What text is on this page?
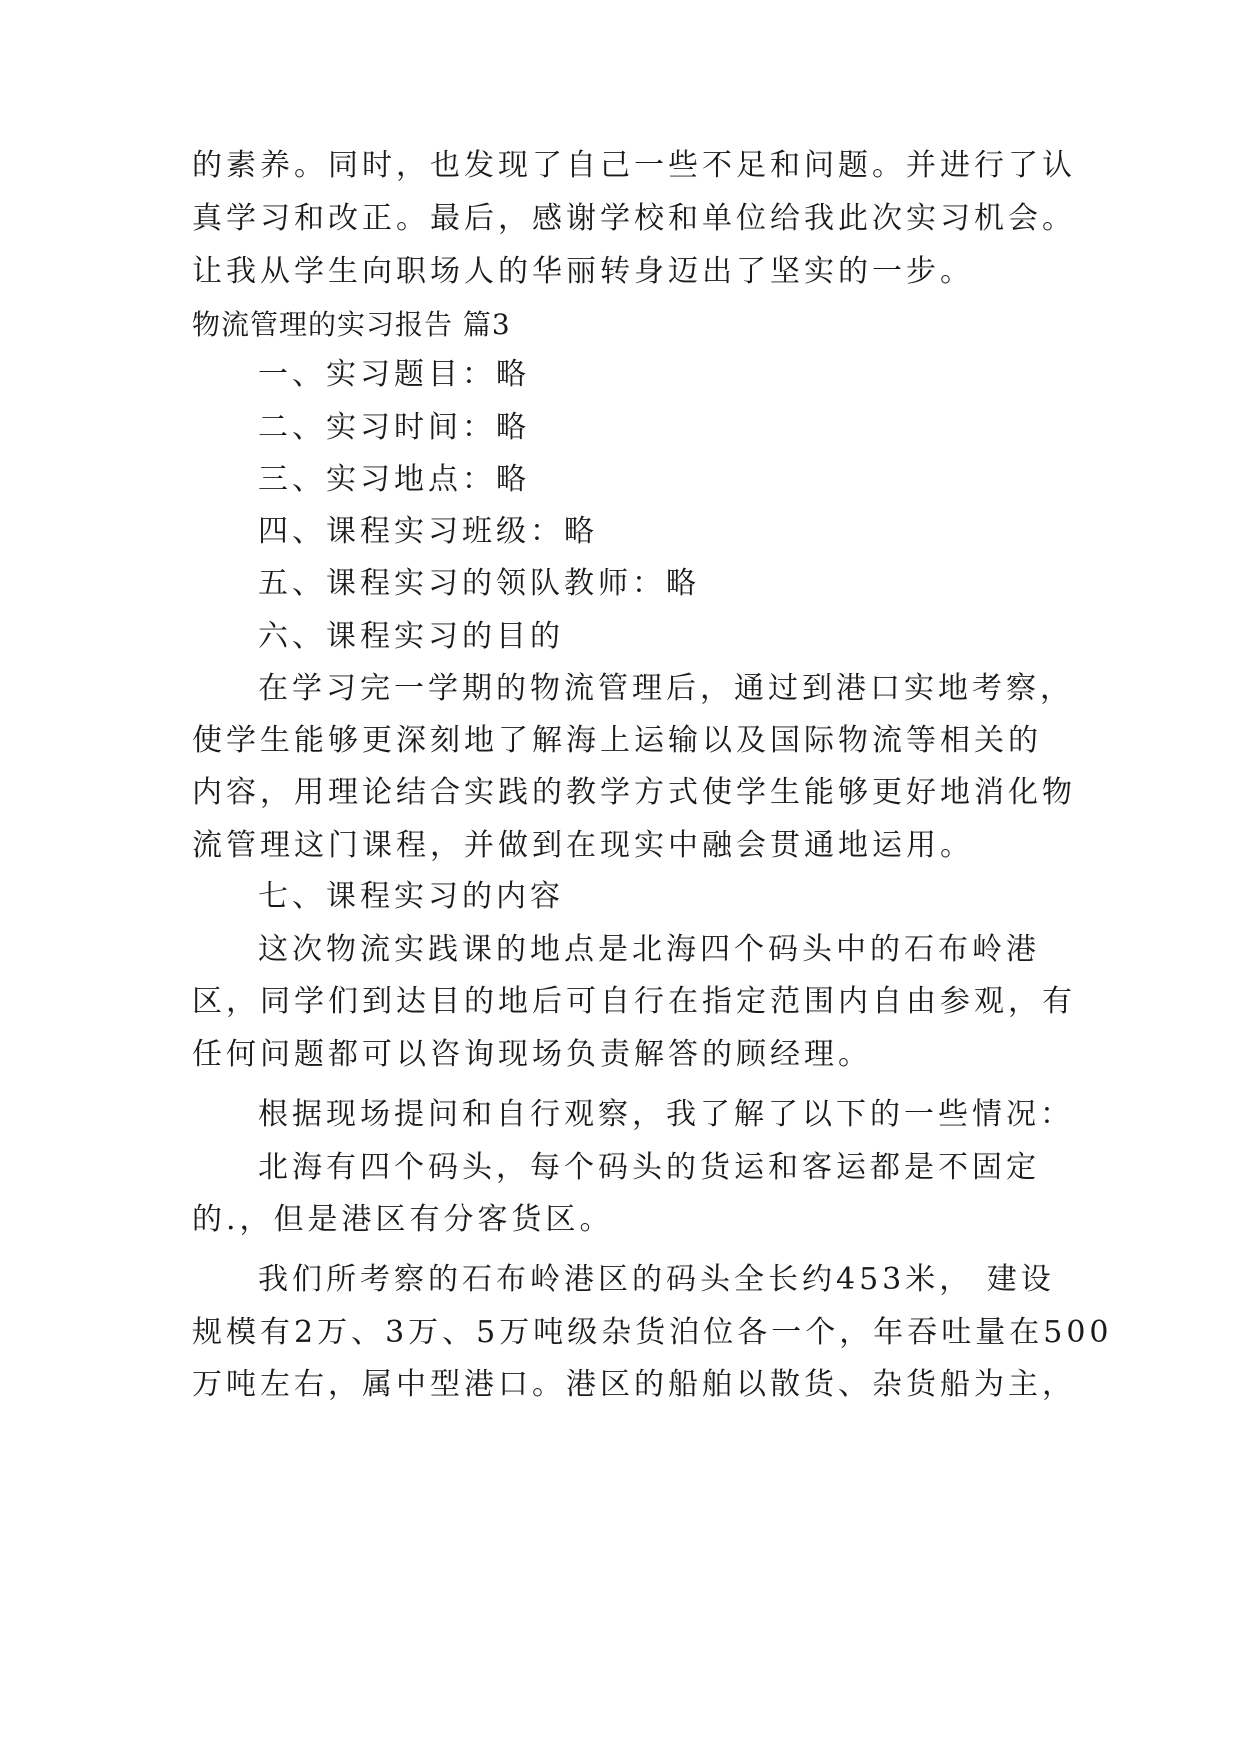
的素养。同时，也发现了自己一些不足和问题。并进行了认
真学习和改正。最后，感谢学校和单位给我此次实习机会。
让我从学生向职场人的华丽转身迈出了坚实的一步。
物流管理的实习报告 篇3
一、实习题目：略
二、实习时间：略
三、实习地点：略
四、课程实习班级：略
五、课程实习的领队教师：略
六、课程实习的目的
在学习完一学期的物流管理后，通过到港口实地考察，
使学生能够更深刻地了解海上运输以及国际物流等相关的
内容，用理论结合实践的教学方式使学生能够更好地消化物
流管理这门课程，并做到在现实中融会贯通地运用。
七、课程实习的内容
这次物流实践课的地点是北海四个码头中的石布岭港
区，同学们到达目的地后可自行在指定范围内自由参观，有
任何问题都可以咨询现场负责解答的顾经理。
根据现场提问和自行观察，我了解了以下的一些情况：
北海有四个码头，每个码头的货运和客运都是不固定
的.，但是港区有分客货区。
我们所考察的石布岭港区的码头全长约453米， 建设
规模有2万、3万、5万吨级杂货泊位各一个，年吞吐量在500
万吨左右，属中型港口。港区的船舶以散货、杂货船为主，
